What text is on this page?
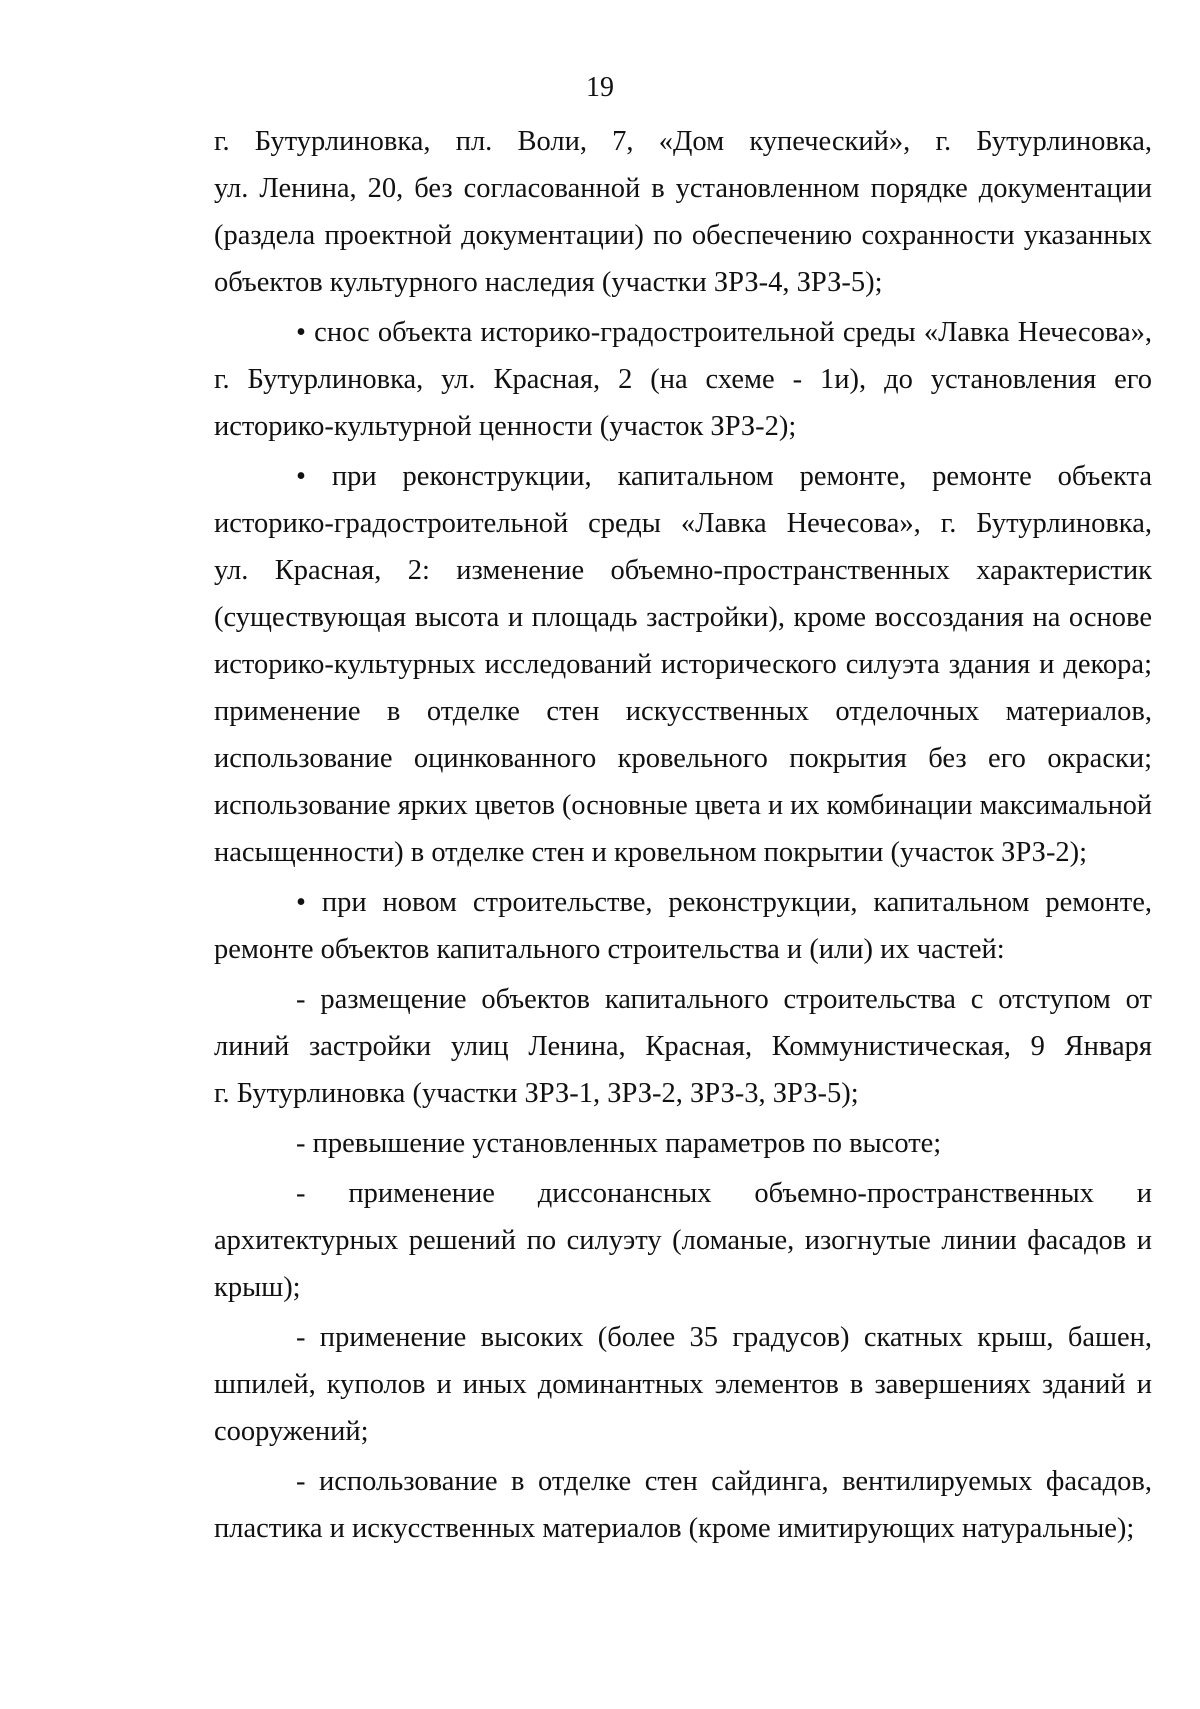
19
г. Бутурлиновка, пл. Воли, 7, «Дом купеческий», г. Бутурлиновка,
ул. Ленина, 20, без согласованной в установленном порядке документации
(раздела проектной документации) по обеспечению сохранности указанных
объектов культурного наследия (участки ЗРЗ-4, ЗРЗ-5);
• снос объекта историко-градостроительной среды «Лавка Нечесова»,
г. Бутурлиновка, ул. Красная, 2 (на схеме - 1и), до установления его
историко-культурной ценности (участок ЗРЗ-2);
• при реконструкции, капитальном ремонте, ремонте объекта
историко-градостроительной среды «Лавка Нечесова», г. Бутурлиновка,
ул. Красная, 2: изменение объемно-пространственных характеристик
(существующая высота и площадь застройки), кроме воссоздания на основе
историко-культурных исследований исторического силуэта здания и декора;
применение в отделке стен искусственных отделочных материалов,
использование оцинкованного кровельного покрытия без его окраски;
использование ярких цветов (основные цвета и их комбинации максимальной
насыщенности) в отделке стен и кровельном покрытии (участок ЗРЗ-2);
• при новом строительстве, реконструкции, капитальном ремонте,
ремонте объектов капитального строительства и (или) их частей:
- размещение объектов капитального строительства с отступом от
линий застройки улиц Ленина, Красная, Коммунистическая, 9 Января
г. Бутурлиновка (участки ЗРЗ-1, ЗРЗ-2, ЗРЗ-3, ЗРЗ-5);
- превышение установленных параметров по высоте;
- применение диссонансных объемно-пространственных и
архитектурных решений по силуэту (ломаные, изогнутые линии фасадов и
крыш);
- применение высоких (более 35 градусов) скатных крыш, башен,
шпилей, куполов и иных доминантных элементов в завершениях зданий и
сооружений;
- использование в отделке стен сайдинга, вентилируемых фасадов,
пластика и искусственных материалов (кроме имитирующих натуральные);
